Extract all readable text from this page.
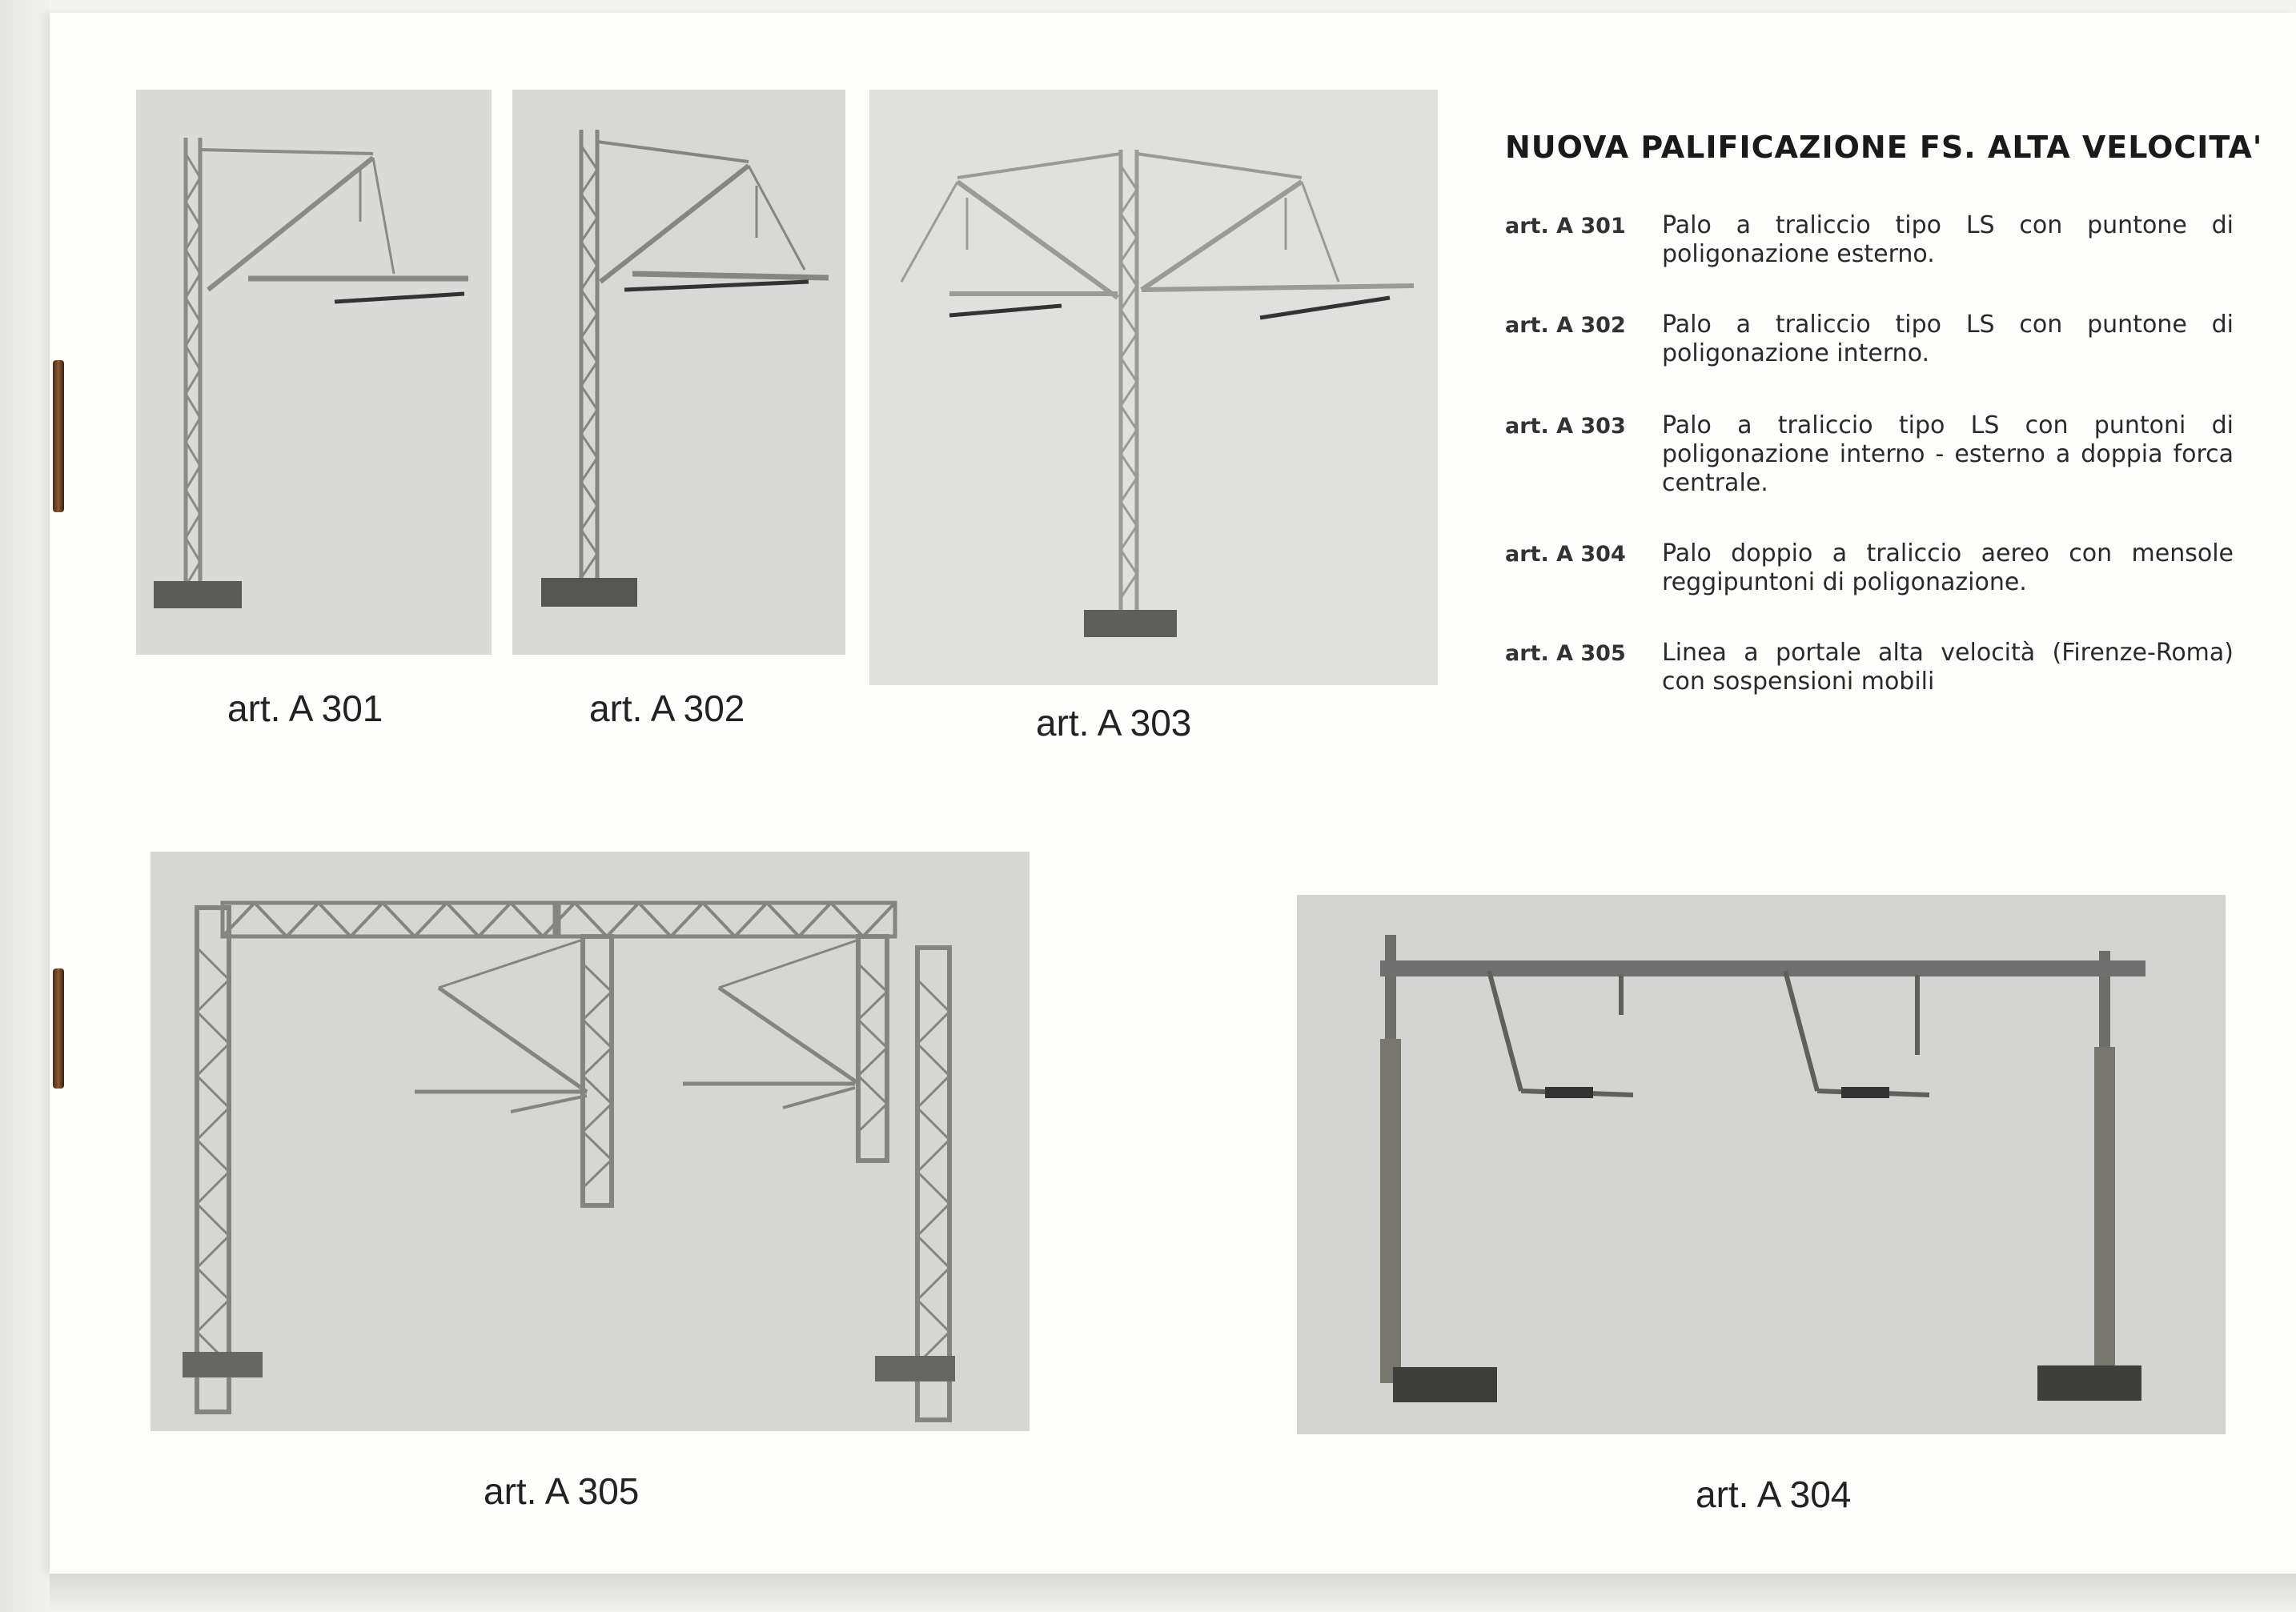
art. A 301	art. A 302	art. A 303
NUOVA PALIFICAZIONE FS. ALTA VELOCITA'
art. A 301	Palo a traliccio tipo LS con puntone di poligonazione esterno.
art. A 302	Palo a traliccio tipo LS con puntone di poligonazione interno.
art. A 303	Palo a traliccio tipo LS con puntoni di poligonazione interno - esterno a doppia forca centrale.
art. A 304	Palo doppio a traliccio aereo con mensole reggipuntoni di poligonazione.
art. A 305	Linea a portale alta velocità (Firenze-Roma) con sospensioni mobili
art. A 305	art. A 304
